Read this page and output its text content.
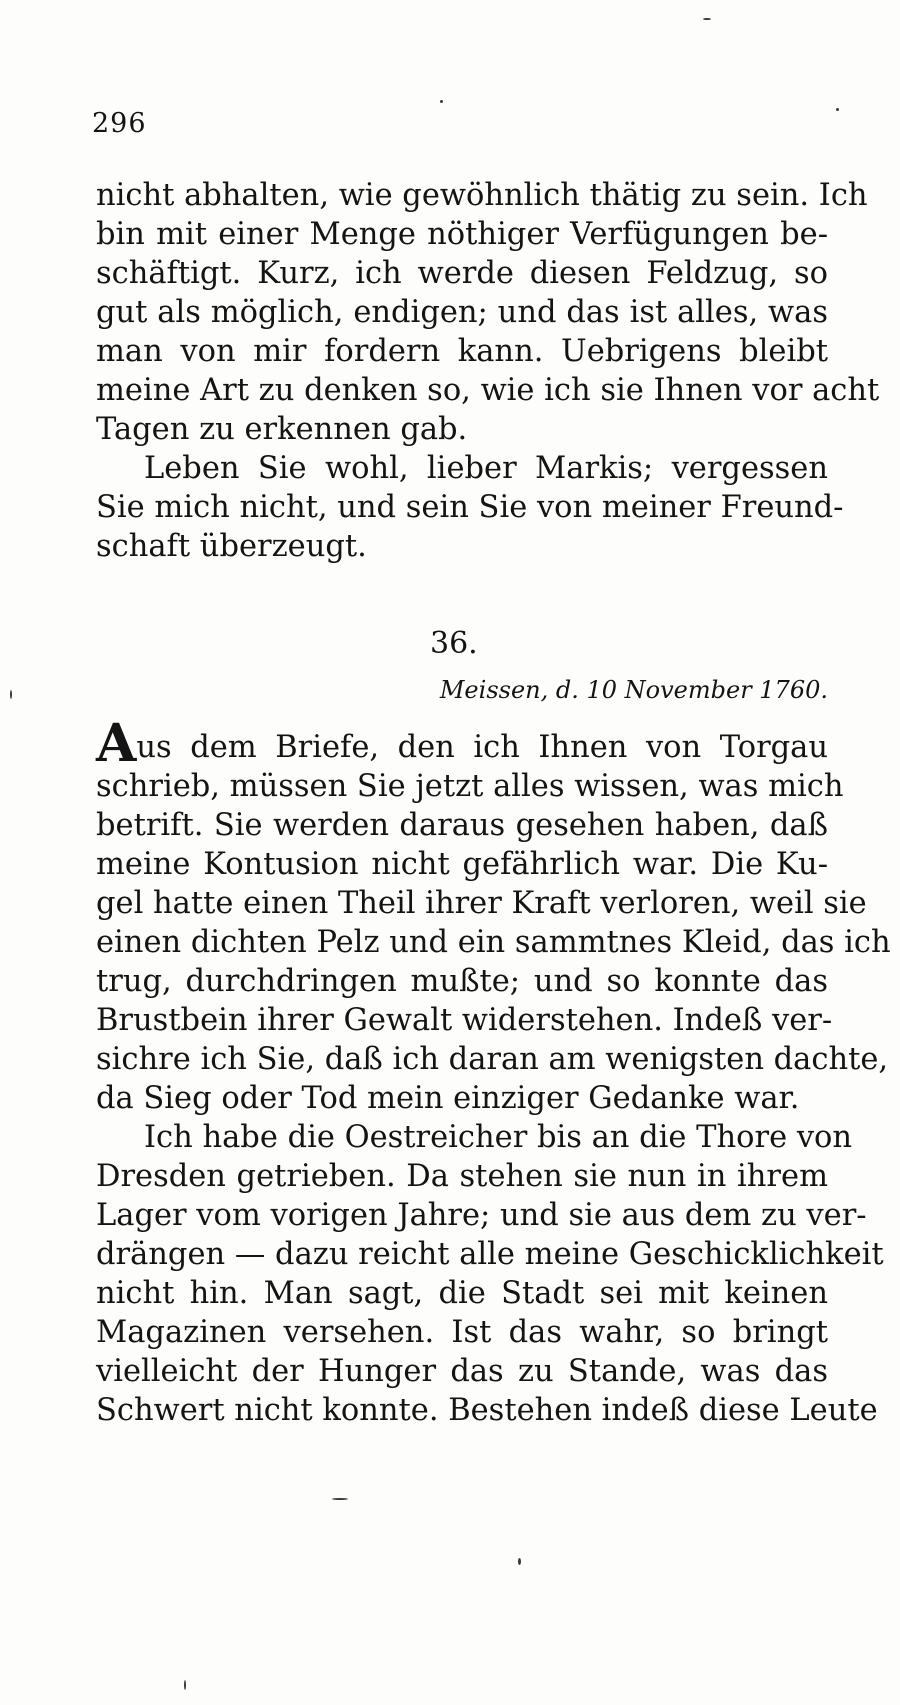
296
nicht abhalten, wie gewöhnlich thätig zu sein. Ich
bin mit einer Menge nöthiger Verfügungen be-
schäftigt. Kurz, ich werde diesen Feldzug, so
gut als möglich, endigen; und das ist alles, was
man von mir fordern kann. Uebrigens bleibt
meine Art zu denken so, wie ich sie Ihnen vor acht
Tagen zu erkennen gab.
Leben Sie wohl, lieber Markis; vergessen
Sie mich nicht, und sein Sie von meiner Freund-
schaft überzeugt.
36.
Meissen, d. 10 November 1760.
Aus dem Briefe, den ich Ihnen von Torgau
schrieb, müssen Sie jetzt alles wissen, was mich
betrift. Sie werden daraus gesehen haben, daß
meine Kontusion nicht gefährlich war. Die Ku-
gel hatte einen Theil ihrer Kraft verloren, weil sie
einen dichten Pelz und ein sammtnes Kleid, das ich
trug, durchdringen mußte; und so konnte das
Brustbein ihrer Gewalt widerstehen. Indeß ver-
sichre ich Sie, daß ich daran am wenigsten dachte,
da Sieg oder Tod mein einziger Gedanke war.
Ich habe die Oestreicher bis an die Thore von
Dresden getrieben. Da stehen sie nun in ihrem
Lager vom vorigen Jahre; und sie aus dem zu ver-
drängen — dazu reicht alle meine Geschicklichkeit
nicht hin. Man sagt, die Stadt sei mit keinen
Magazinen versehen. Ist das wahr, so bringt
vielleicht der Hunger das zu Stande, was das
Schwert nicht konnte. Bestehen indeß diese Leute
